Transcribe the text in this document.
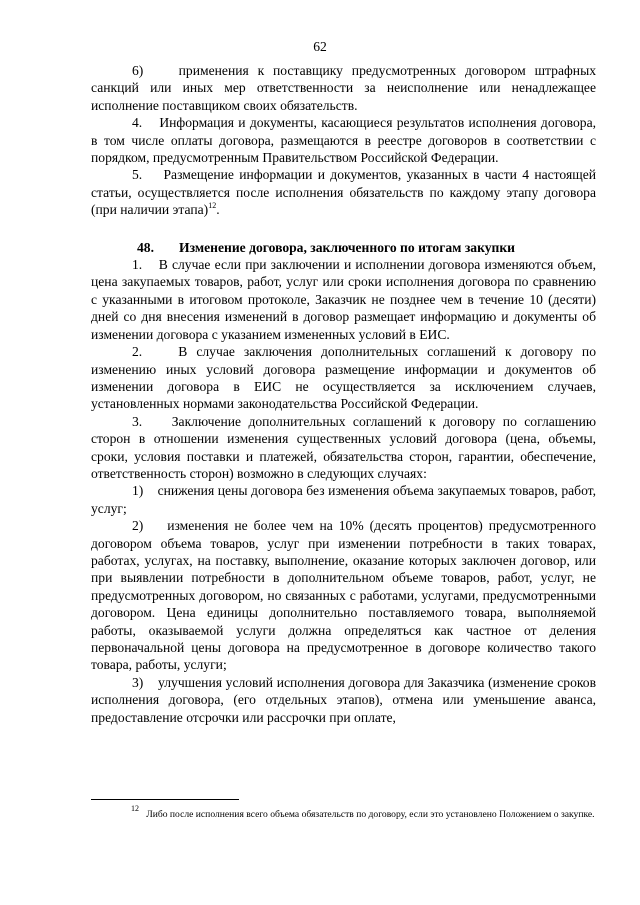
62

6)	применения к поставщику предусмотренных договором штрафных санкций или иных мер ответственности за неисполнение или ненадлежащее исполнение поставщиком своих обязательств.

4. Информация и документы, касающиеся результатов исполнения договора, в том числе оплаты договора, размещаются в реестре договоров в соответствии с порядком, предусмотренным Правительством Российской Федерации.

5. Размещение информации и документов, указанных в части 4 настоящей статьи, осуществляется после исполнения обязательств по каждому этапу договора (при наличии этапа)$^{12}$.

48. Изменение договора, заключенного по итогам закупки

1. В случае если при заключении и исполнении договора изменяются объем, цена закупаемых товаров, работ, услуг или сроки исполнения договора по сравнению с указанными в итоговом протоколе, Заказчик не позднее чем в течение 10 (десяти) дней со дня внесения изменений в договор размещает информацию и документы об изменении договора с указанием измененных условий в ЕИС.

2.	В случае заключения дополнительных соглашений к договору по изменению иных условий договора размещение информации и документов об изменении договора в ЕИС не осуществляется за исключением случаев, установленных нормами законодательства Российской Федерации.

3. Заключение дополнительных соглашений к договору по соглашению сторон в отношении изменения существенных условий договора (цена, объемы, сроки, условия поставки и платежей, обязательства сторон, гарантии, обеспечение, ответственность сторон) возможно в следующих случаях:

1) снижения цены договора без изменения объема закупаемых товаров, работ, услуг;

2) изменения не более чем на 10% (десять процентов) предусмотренного договором объема товаров, услуг при изменении потребности в таких товарах, работах, услугах, на поставку, выполнение, оказание которых заключен договор, или при выявлении потребности в дополнительном объеме товаров, работ, услуг, не предусмотренных договором, но связанных с работами, услугами, предусмотренными договором. Цена единицы дополнительно поставляемого товара, выполняемой работы, оказываемой услуги должна определяться как частное от деления первоначальной цены договора на предусмотренное в договоре количество такого товара, работы, услуги;

3) улучшения условий исполнения договора для Заказчика (изменение сроков исполнения договора, (его отдельных этапов), отмена или уменьшение аванса, предоставление отсрочки или рассрочки при оплате,

$^{12}$   Либо после исполнения всего объема обязательств по договору, если это установлено Положением о закупке.
